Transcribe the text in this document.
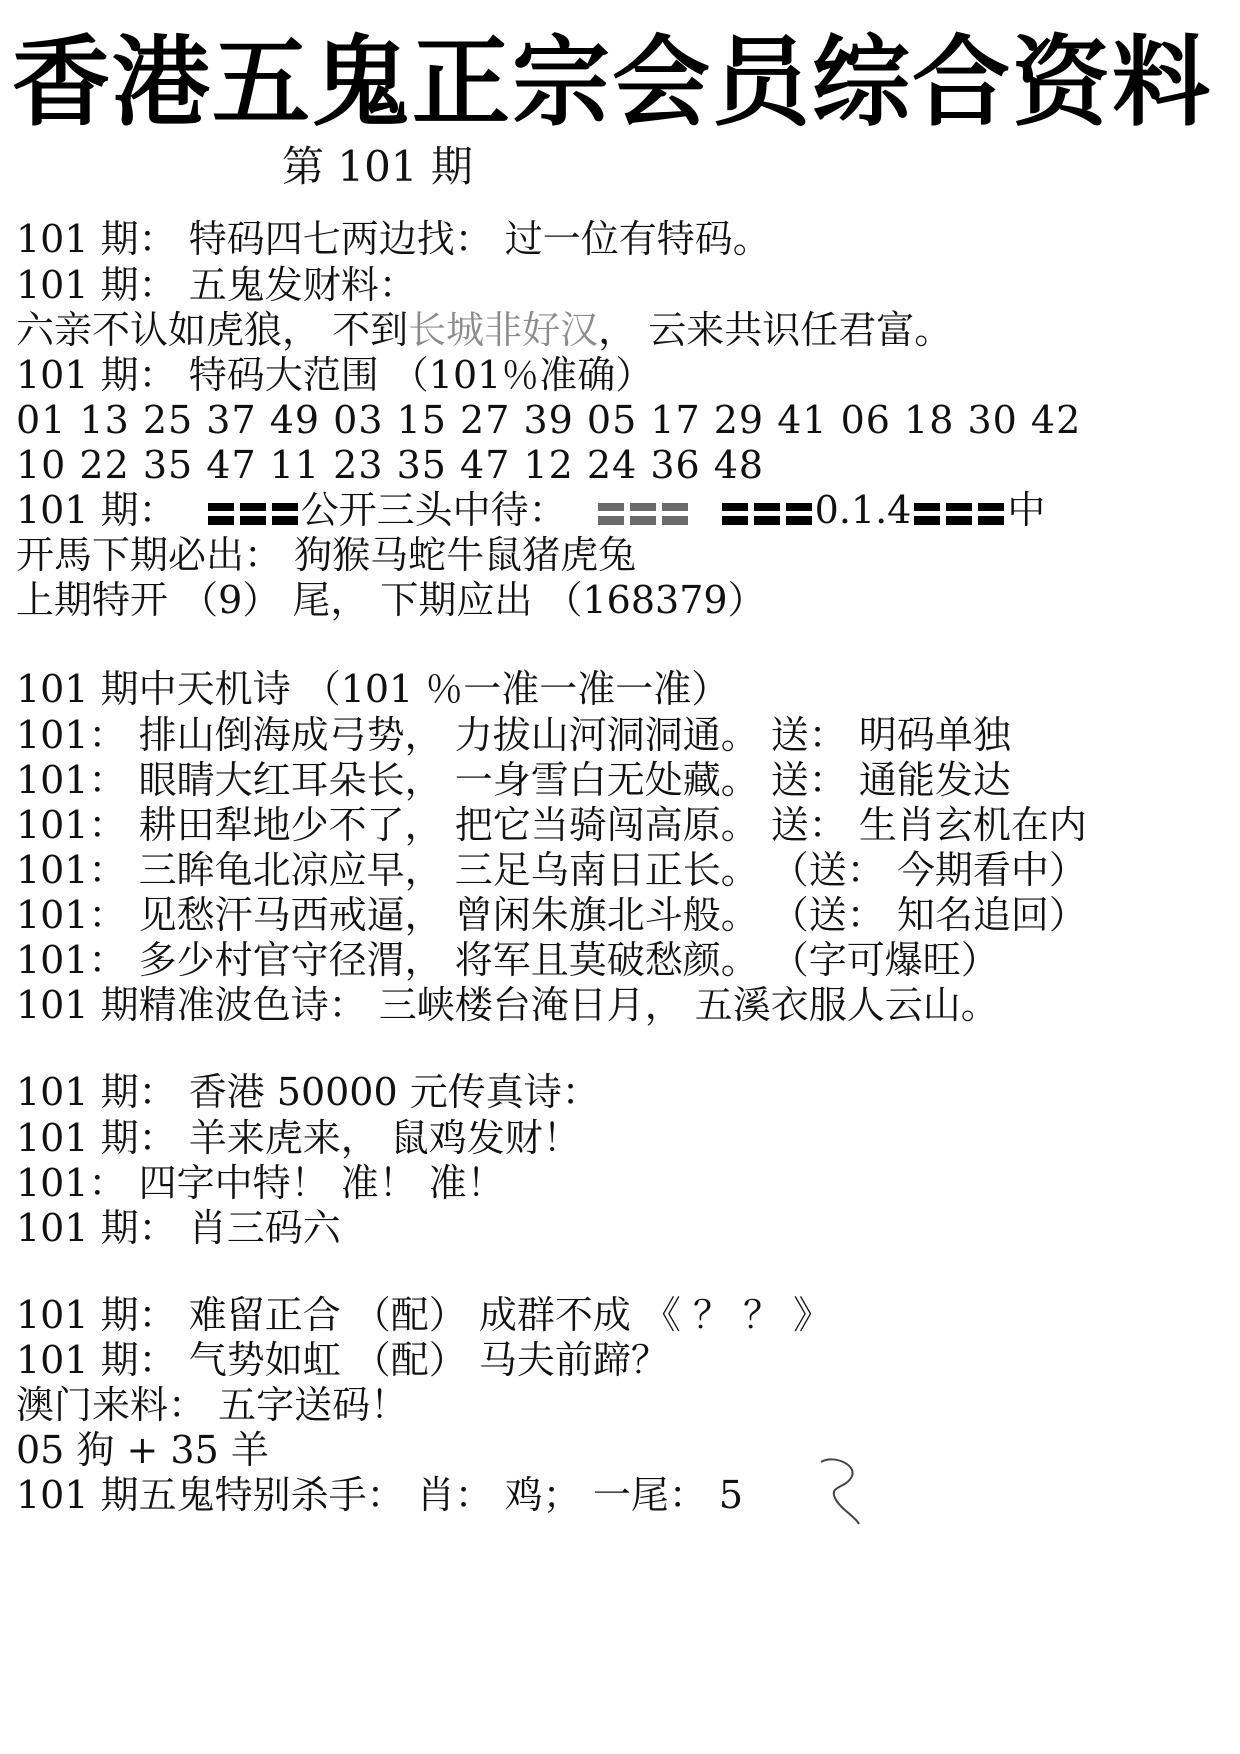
香港五鬼正宗会员综合资料
第 101 期
101 期： 特码四七两边找： 过一位有特码。
101 期： 五鬼发财料：
六亲不认如虎狼， 不到长城非好汉， 云来共识任君富。
101 期： 特码大范围 （101％准确）
01 13 25 37 49 03 15 27 39 05 17 29 41 06 18 30 42
10 22 35 47 11 23 35 47 12 24 36 48
101 期：	公开三头中待：	0.1.4	中
开馬下期必出： 狗猴马蛇牛鼠猪虎兔
上期特开 （9） 尾， 下期应出 （168379）
101 期中天机诗 （101 ％一准一准一准）
101： 排山倒海成弓势， 力拔山河洞洞通。 送： 明码单独
101： 眼睛大红耳朵长， 一身雪白无处藏。 送： 通能发达
101： 耕田犁地少不了， 把它当骑闯高原。 送： 生肖玄机在内
101： 三眸龟北凉应早， 三足乌南日正长。 （送： 今期看中）
101： 见愁汗马西戒逼， 曾闲朱旗北斗般。 （送： 知名追回）
101： 多少村官守径渭， 将军且莫破愁颜。 （字可爆旺）
101 期精准波色诗： 三峡楼台淹日月， 五溪衣服人云山。
101 期： 香港 50000 元传真诗：
101 期： 羊来虎来， 鼠鸡发财！
101： 四字中特！ 准！ 准！
101 期： 肖三码六
101 期： 难留正合 （配） 成群不成 《 ？ ？ 》
101 期： 气势如虹 （配） 马夫前蹄？
澳门来料： 五字送码！
05 狗 + 35 羊
101 期五鬼特别杀手： 肖： 鸡； 一尾： 5
